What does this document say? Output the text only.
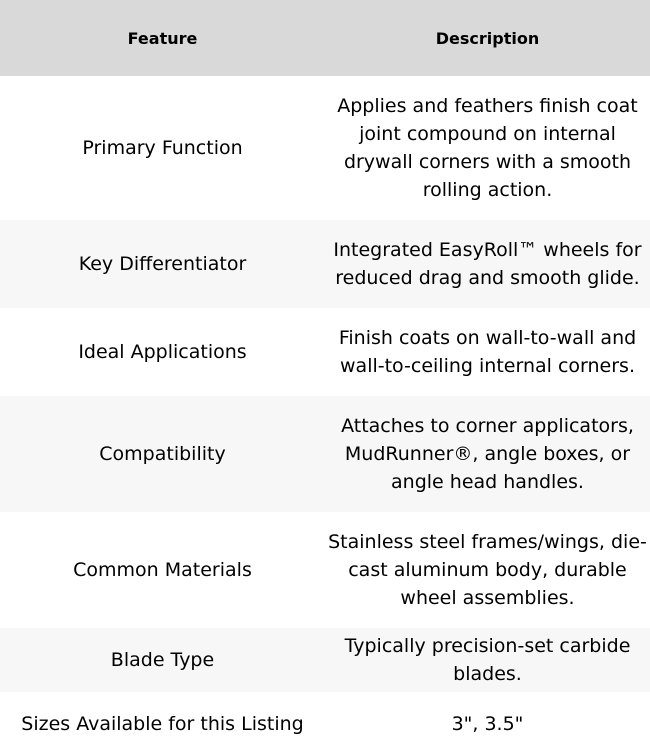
Feature	Description
Primary Function	Applies and feathers finish coat joint compound on internal drywall corners with a smooth rolling action.
Key Differentiator	Integrated EasyRoll™ wheels for reduced drag and smooth glide.
Ideal Applications	Finish coats on wall-to-wall and wall-to-ceiling internal corners.
Compatibility	Attaches to corner applicators, MudRunner®, angle boxes, or angle head handles.
Common Materials	Stainless steel frames/wings, die-cast aluminum body, durable wheel assemblies.
Blade Type	Typically precision-set carbide blades.
Sizes Available for this Listing	3", 3.5"
